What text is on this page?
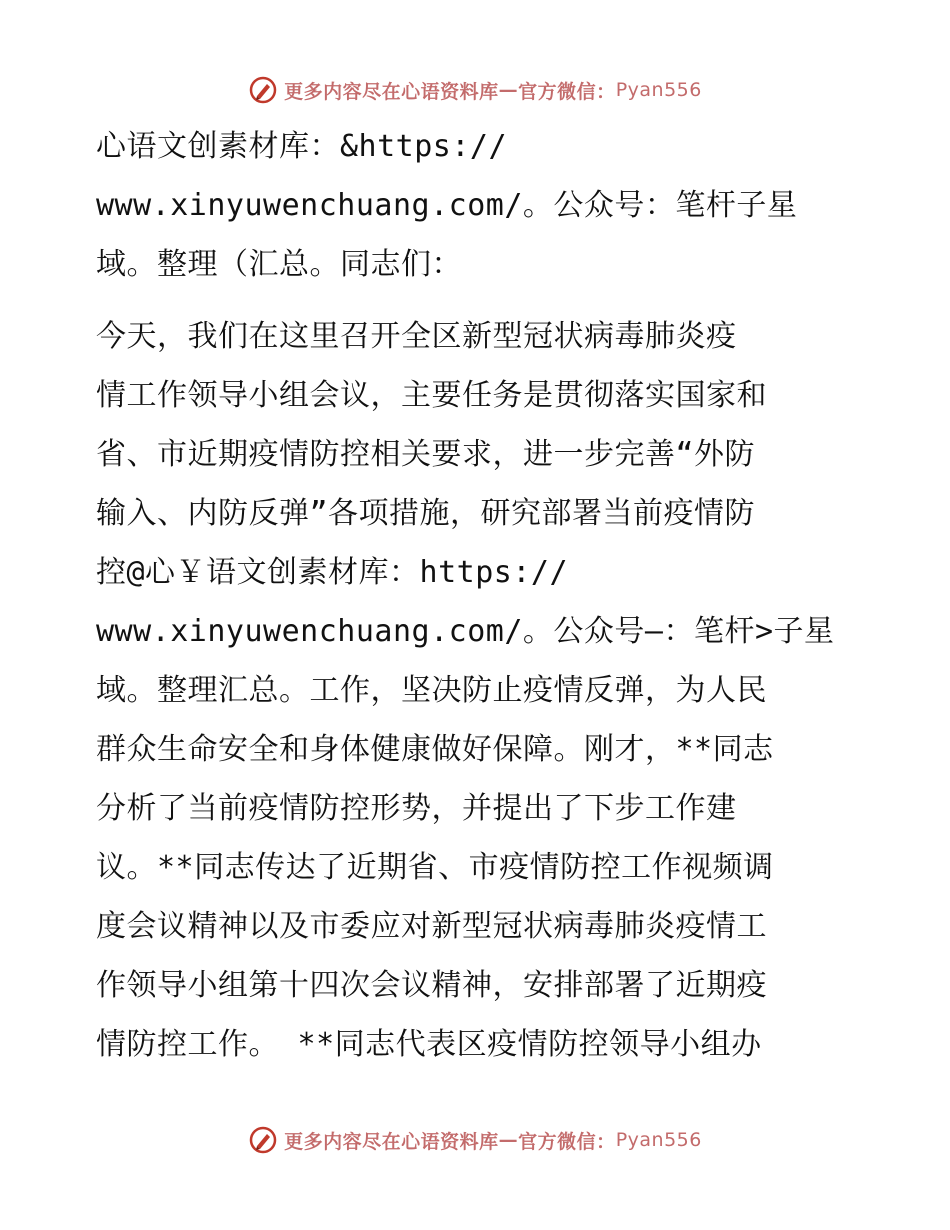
更多内容尽在心语资料库 — 官方微信： Pyan556

心语文创素材库：&https://
www.xinyuwenchuang.com/。公众号：笔杆子星
域。整理（汇总。同志们：

今天，我们在这里召开全区新型冠状病毒肺炎疫
情工作领导小组会议，主要任务是贯彻落实国家和
省、市近期疫情防控相关要求，进一步完善“外防
输入、内防反弹”各项措施，研究部署当前疫情防
控@心￥语文创素材库：https://
www.xinyuwenchuang.com/。公众号—：笔杆>子星
域。整理汇总。工作，坚决防止疫情反弹，为人民
群众生命安全和身体健康做好保障。刚才，**同志
分析了当前疫情防控形势，并提出了下步工作建
议。**同志传达了近期省、市疫情防控工作视频调
度会议精神以及市委应对新型冠状病毒肺炎疫情工
作领导小组第十四次会议精神，安排部署了近期疫
情防控工作。 **同志代表区疫情防控领导小组办

更多内容尽在心语资料库 — 官方微信： Pyan556
